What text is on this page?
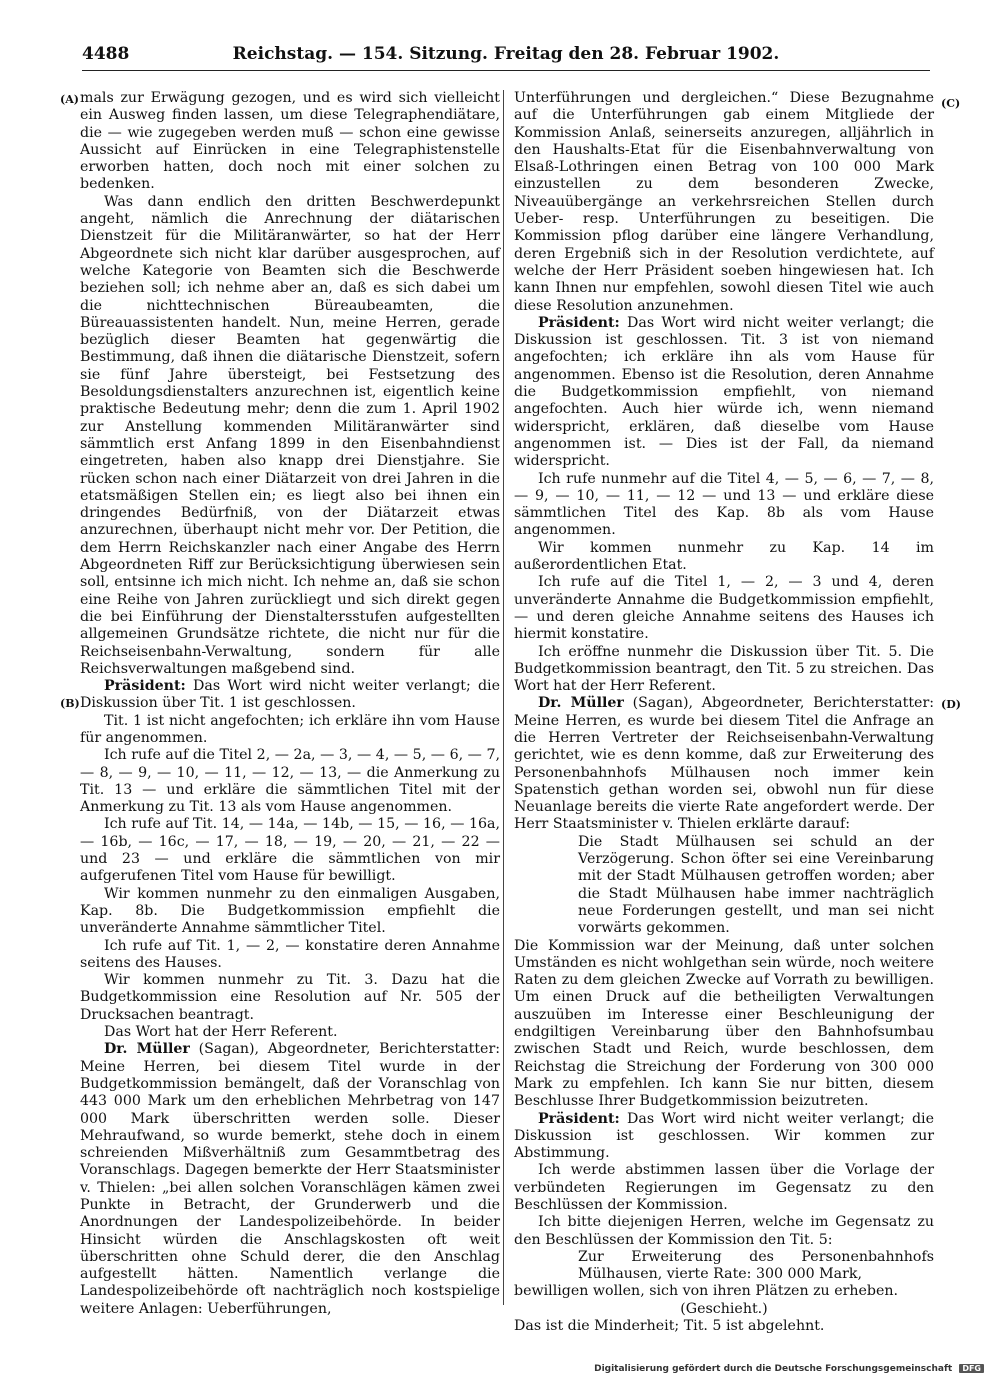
4488	Reichstag. — 154. Sitzung. Freitag den 28. Februar 1902.
(A)
(B)
(C)
(D)

mals zur Erwägung gezogen, und es wird sich vielleicht ein Ausweg finden lassen, um diese Telegraphendiätare, die — wie zugegeben werden muß — schon eine gewisse Aussicht auf Einrücken in eine Telegraphistenstelle erworben hatten, doch noch mit einer solchen zu bedenken.

Was dann endlich den dritten Beschwerdepunkt angeht, nämlich die Anrechnung der diätarischen Dienstzeit für die Militäranwärter, so hat der Herr Abgeordnete sich nicht klar darüber ausgesprochen, auf welche Kategorie von Beamten sich die Beschwerde beziehen soll; ich nehme aber an, daß es sich dabei um die nichttechnischen Büreaubeamten, die Büreauassistenten handelt. Nun, meine Herren, gerade bezüglich dieser Beamten hat gegenwärtig die Bestimmung, daß ihnen die diätarische Dienstzeit, sofern sie fünf Jahre übersteigt, bei Festsetzung des Besoldungsdienstalters anzurechnen ist, eigentlich keine praktische Bedeutung mehr; denn die zum 1. April 1902 zur Anstellung kommenden Militäranwärter sind sämmtlich erst Anfang 1899 in den Eisenbahndienst eingetreten, haben also knapp drei Dienstjahre. Sie rücken schon nach einer Diätarzeit von drei Jahren in die etatsmäßigen Stellen ein; es liegt also bei ihnen ein dringendes Bedürfniß, von der Diätarzeit etwas anzurechnen, überhaupt nicht mehr vor. Der Petition, die dem Herrn Reichskanzler nach einer Angabe des Herrn Abgeordneten Riff zur Berücksichtigung überwiesen sein soll, entsinne ich mich nicht. Ich nehme an, daß sie schon eine Reihe von Jahren zurückliegt und sich direkt gegen die bei Einführung der Dienstaltersstufen aufgestellten allgemeinen Grundsätze richtete, die nicht nur für die Reichseisenbahn-Verwaltung, sondern für alle Reichsverwaltungen maßgebend sind.

Präsident: Das Wort wird nicht weiter verlangt; die Diskussion über Tit. 1 ist geschlossen.

Tit. 1 ist nicht angefochten; ich erkläre ihn vom Hause für angenommen.

Ich rufe auf die Titel 2, — 2a, — 3, — 4, — 5, — 6, — 7, — 8, — 9, — 10, — 11, — 12, — 13, — die Anmerkung zu Tit. 13 — und erkläre die sämmtlichen Titel mit der Anmerkung zu Tit. 13 als vom Hause angenommen.

Ich rufe auf Tit. 14, — 14a, — 14b, — 15, — 16, — 16a, — 16b, — 16c, — 17, — 18, — 19, — 20, — 21, — 22 — und 23 — und erkläre die sämmtlichen von mir aufgerufenen Titel vom Hause für bewilligt.

Wir kommen nunmehr zu den einmaligen Ausgaben, Kap. 8b. Die Budgetkommission empfiehlt die unveränderte Annahme sämmtlicher Titel.

Ich rufe auf Tit. 1, — 2, — konstatire deren Annahme seitens des Hauses.

Wir kommen nunmehr zu Tit. 3. Dazu hat die Budgetkommission eine Resolution auf Nr. 505 der Drucksachen beantragt.

Das Wort hat der Herr Referent.

Dr. Müller (Sagan), Abgeordneter, Berichterstatter: Meine Herren, bei diesem Titel wurde in der Budgetkommission bemängelt, daß der Voranschlag von 443 000 Mark um den erheblichen Mehrbetrag von 147 000 Mark überschritten werden solle. Dieser Mehraufwand, so wurde bemerkt, stehe doch in einem schreienden Mißverhältniß zum Gesammtbetrag des Voranschlags. Dagegen bemerkte der Herr Staatsminister v. Thielen: „bei allen solchen Voranschlägen kämen zwei Punkte in Betracht, der Grunderwerb und die Anordnungen der Landespolizeibehörde. In beider Hinsicht würden die Anschlagskosten oft weit überschritten ohne Schuld derer, die den Anschlag aufgestellt hätten. Namentlich verlange die Landespolizeibehörde oft nachträglich noch kostspielige weitere Anlagen: Ueberführungen,

Unterführungen und dergleichen.“ Diese Bezugnahme auf die Unterführungen gab einem Mitgliede der Kommission Anlaß, seinerseits anzuregen, alljährlich in den Haushalts-Etat für die Eisenbahnverwaltung von Elsaß-Lothringen einen Betrag von 100 000 Mark einzustellen zu dem besonderen Zwecke, Niveauübergänge an verkehrsreichen Stellen durch Ueber- resp. Unterführungen zu beseitigen. Die Kommission pflog darüber eine längere Verhandlung, deren Ergebniß sich in der Resolution verdichtete, auf welche der Herr Präsident soeben hingewiesen hat. Ich kann Ihnen nur empfehlen, sowohl diesen Titel wie auch diese Resolution anzunehmen.

Präsident: Das Wort wird nicht weiter verlangt; die Diskussion ist geschlossen. Tit. 3 ist von niemand angefochten; ich erkläre ihn als vom Hause für angenommen. Ebenso ist die Resolution, deren Annahme die Budgetkommission empfiehlt, von niemand angefochten. Auch hier würde ich, wenn niemand widerspricht, erklären, daß dieselbe vom Hause angenommen ist. — Dies ist der Fall, da niemand widerspricht.

Ich rufe nunmehr auf die Titel 4, — 5, — 6, — 7, — 8, — 9, — 10, — 11, — 12 — und 13 — und erkläre diese sämmtlichen Titel des Kap. 8b als vom Hause angenommen.

Wir kommen nunmehr zu Kap. 14 im außerordentlichen Etat.

Ich rufe auf die Titel 1, — 2, — 3 und 4, deren unveränderte Annahme die Budgetkommission empfiehlt, — und deren gleiche Annahme seitens des Hauses ich hiermit konstatire.

Ich eröffne nunmehr die Diskussion über Tit. 5. Die Budgetkommission beantragt, den Tit. 5 zu streichen. Das Wort hat der Herr Referent.

Dr. Müller (Sagan), Abgeordneter, Berichterstatter: Meine Herren, es wurde bei diesem Titel die Anfrage an die Herren Vertreter der Reichseisenbahn-Verwaltung gerichtet, wie es denn komme, daß zur Erweiterung des Personenbahnhofs Mülhausen noch immer kein Spatenstich gethan worden sei, obwohl nun für diese Neuanlage bereits die vierte Rate angefordert werde. Der Herr Staatsminister v. Thielen erklärte darauf:

Die Stadt Mülhausen sei schuld an der Verzögerung. Schon öfter sei eine Vereinbarung mit der Stadt Mülhausen getroffen worden; aber die Stadt Mülhausen habe immer nachträglich neue Forderungen gestellt, und man sei nicht vorwärts gekommen.

Die Kommission war der Meinung, daß unter solchen Umständen es nicht wohlgethan sein würde, noch weitere Raten zu dem gleichen Zwecke auf Vorrath zu bewilligen. Um einen Druck auf die betheiligten Verwaltungen auszuüben im Interesse einer Beschleunigung der endgiltigen Vereinbarung über den Bahnhofsumbau zwischen Stadt und Reich, wurde beschlossen, dem Reichstag die Streichung der Forderung von 300 000 Mark zu empfehlen. Ich kann Sie nur bitten, diesem Beschlusse Ihrer Budgetkommission beizutreten.

Präsident: Das Wort wird nicht weiter verlangt; die Diskussion ist geschlossen. Wir kommen zur Abstimmung.

Ich werde abstimmen lassen über die Vorlage der verbündeten Regierungen im Gegensatz zu den Beschlüssen der Kommission.

Ich bitte diejenigen Herren, welche im Gegensatz zu den Beschlüssen der Kommission den Tit. 5:

Zur Erweiterung des Personenbahnhofs Mülhausen, vierte Rate: 300 000 Mark,

bewilligen wollen, sich von ihren Plätzen zu erheben.

(Geschieht.)

Das ist die Minderheit; Tit. 5 ist abgelehnt.

Digitalisierung gefördert durch die Deutsche Forschungsgemeinschaft DFG
